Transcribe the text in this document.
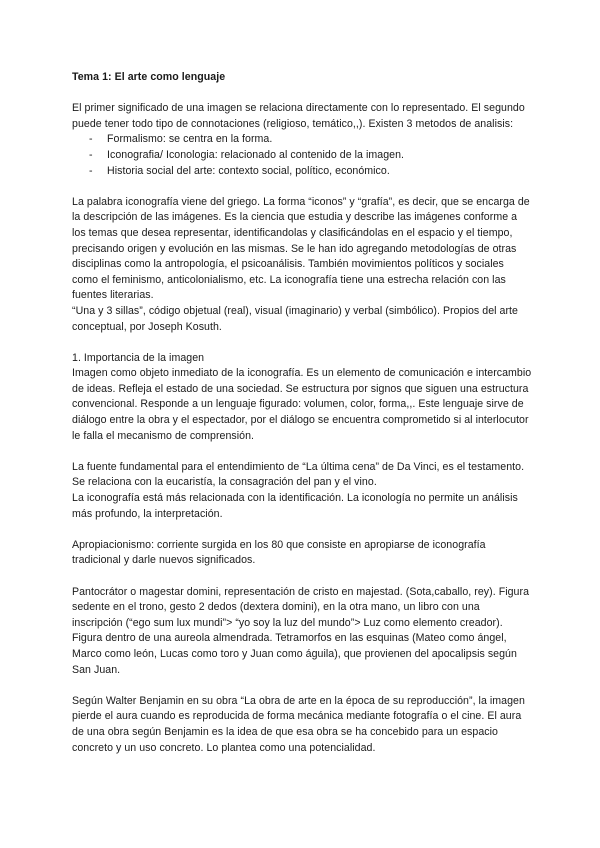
Tema 1: El arte como lenguaje

El primer significado de una imagen se relaciona directamente con lo representado. El segundo puede tener todo tipo de connotaciones (religioso, temático,,). Existen 3 metodos de analisis:

- Formalismo: se centra en la forma.
- Iconografia/ Iconologia: relacionado al contenido de la imagen.
- Historia social del arte: contexto social, político, económico.

La palabra iconografía viene del griego. La forma “iconos” y “grafía”, es decir, que se encarga de la descripción de las imágenes. Es la ciencia que estudia y describe las imágenes conforme a los temas que desea representar, identificandolas y clasificándolas en el espacio y el tiempo, precisando origen y evolución en las mismas. Se le han ido agregando metodologías de otras disciplinas como la antropología, el psicoanálisis. También movimientos políticos y sociales como el feminismo, anticolonialismo, etc. La iconografía tiene una estrecha relación con las fuentes literarias.

“Una y 3 sillas”, código objetual (real), visual (imaginario) y verbal (simbólico). Propios del arte conceptual, por Joseph Kosuth.

1. Importancia de la imagen

Imagen como objeto inmediato de la iconografía. Es un elemento de comunicación e intercambio de ideas. Refleja el estado de una sociedad. Se estructura por signos que siguen una estructura convencional. Responde a un lenguaje figurado: volumen, color, forma,,. Este lenguaje sirve de diálogo entre la obra y el espectador, por el diálogo se encuentra comprometido si al interlocutor le falla el mecanismo de comprensión.

La fuente fundamental para el entendimiento de “La última cena” de Da Vinci, es el testamento. Se relaciona con la eucaristía, la consagración del pan y el vino.

La iconografía está más relacionada con la identificación. La iconología no permite un análisis más profundo, la interpretación.

Apropiacionismo: corriente surgida en los 80 que consiste en apropiarse de iconografía tradicional y darle nuevos significados.

Pantocrátor o magestar domini, representación de cristo en majestad. (Sota,caballo, rey). Figura sedente en el trono, gesto 2 dedos (dextera domini), en la otra mano, un libro con una inscripción (“ego sum lux mundi”> “yo soy la luz del mundo”> Luz como elemento creador). Figura dentro de una aureola almendrada. Tetramorfos en las esquinas (Mateo como ángel, Marco como león, Lucas como toro y Juan como águila), que provienen del apocalipsis según San Juan.

Según Walter Benjamin en su obra “La obra de arte en la época de su reproducción”, la imagen pierde el aura cuando es reproducida de forma mecánica mediante fotografía o el cine. El aura de una obra según Benjamin es la idea de que esa obra se ha concebido para un espacio concreto y un uso concreto. Lo plantea como una potencialidad.
